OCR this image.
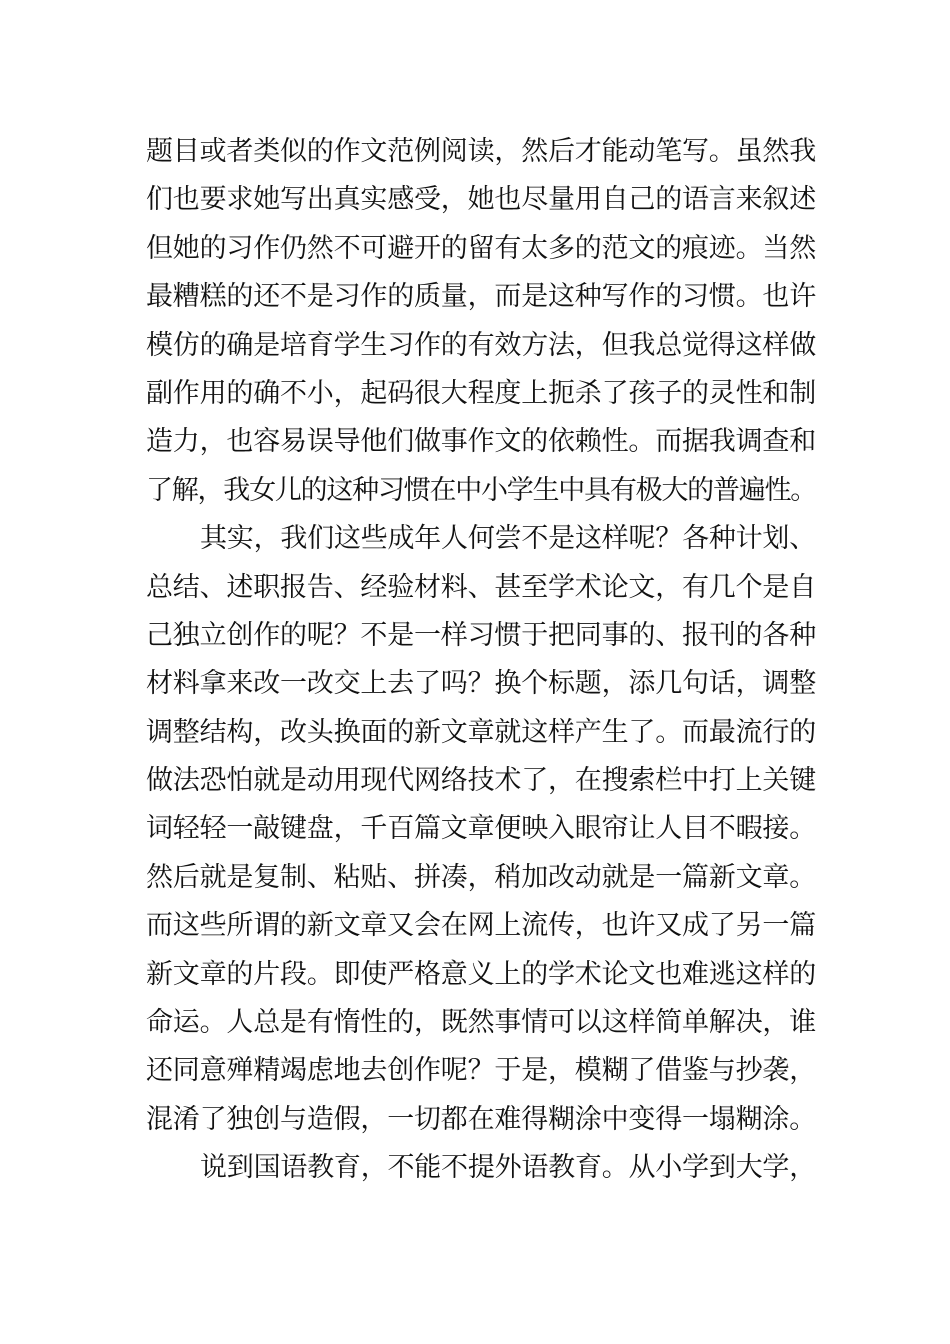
题目或者类似的作文范例阅读，然后才能动笔写。虽然我
们也要求她写出真实感受，她也尽量用自己的语言来叙述
但她的习作仍然不可避开的留有太多的范文的痕迹。当然
最糟糕的还不是习作的质量，而是这种写作的习惯。也许
模仿的确是培育学生习作的有效方法，但我总觉得这样做
副作用的确不小，起码很大程度上扼杀了孩子的灵性和制
造力，也容易误导他们做事作文的依赖性。而据我调查和
了解，我女儿的这种习惯在中小学生中具有极大的普遍性。
其实，我们这些成年人何尝不是这样呢？各种计划、
总结、述职报告、经验材料、甚至学术论文，有几个是自
己独立创作的呢？不是一样习惯于把同事的、报刊的各种
材料拿来改一改交上去了吗？换个标题，添几句话，调整
调整结构，改头换面的新文章就这样产生了。而最流行的
做法恐怕就是动用现代网络技术了，在搜索栏中打上关键
词轻轻一敲键盘，千百篇文章便映入眼帘让人目不暇接。
然后就是复制、粘贴、拼凑，稍加改动就是一篇新文章。
而这些所谓的新文章又会在网上流传，也许又成了另一篇
新文章的片段。即使严格意义上的学术论文也难逃这样的
命运。人总是有惰性的，既然事情可以这样简单解决，谁
还同意殚精竭虑地去创作呢？于是，模糊了借鉴与抄袭，
混淆了独创与造假，一切都在难得糊涂中变得一塌糊涂。
说到国语教育，不能不提外语教育。从小学到大学，
